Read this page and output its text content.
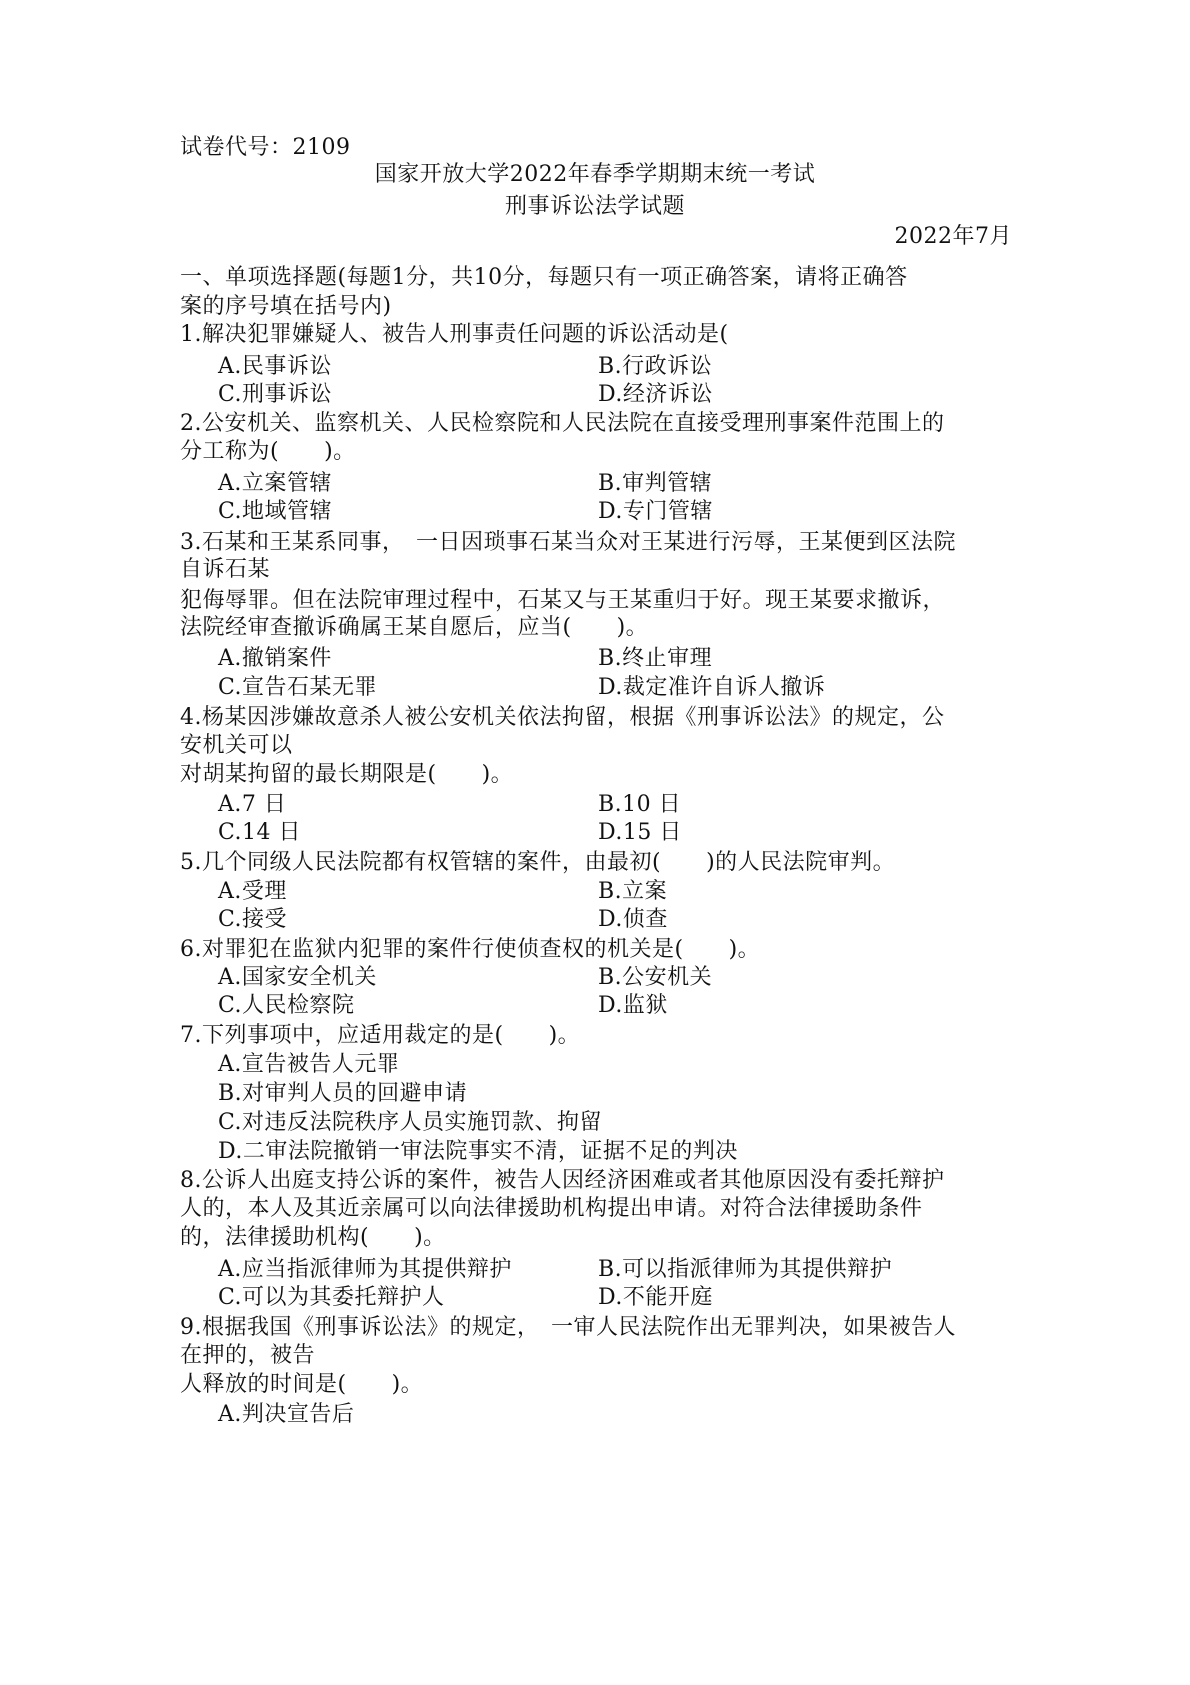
试卷代号：2109
国家开放大学2022年春季学期期末统一考试
刑事诉讼法学试题
2022年7月
一、单项选择题(每题1分，共10分，每题只有一项正确答案，请将正确答
案的序号填在括号内)
1.解决犯罪嫌疑人、被告人刑事责任问题的诉讼活动是(
A.民事诉讼	B.行政诉讼
C.刑事诉讼	D.经济诉讼
2.公安机关、监察机关、人民检察院和人民法院在直接受理刑事案件范围上的
分工称为(　　)。
A.立案管辖	B.审判管辖
C.地域管辖	D.专门管辖
3.石某和王某系同事，　一日因琐事石某当众对王某进行污辱，王某便到区法院
自诉石某
犯侮辱罪。但在法院审理过程中，石某又与王某重归于好。现王某要求撤诉，
法院经审查撤诉确属王某自愿后，应当(　　)。
A.撤销案件	B.终止审理
C.宣告石某无罪	D.裁定准许自诉人撤诉
4.杨某因涉嫌故意杀人被公安机关依法拘留，根据《刑事诉讼法》的规定，公
安机关可以
对胡某拘留的最长期限是(　　)。
A.7 日	B.10 日
C.14 日	D.15 日
5.几个同级人民法院都有权管辖的案件，由最初(　　)的人民法院审判。
A.受理	B.立案
C.接受	D.侦查
6.对罪犯在监狱内犯罪的案件行使侦查权的机关是(　　)。
A.国家安全机关	B.公安机关
C.人民检察院	D.监狱
7.下列事项中，应适用裁定的是(　　)。
A.宣告被告人元罪
B.对审判人员的回避申请
C.对违反法院秩序人员实施罚款、拘留
D.二审法院撤销一审法院事实不清，证据不足的判决
8.公诉人出庭支持公诉的案件，被告人因经济困难或者其他原因没有委托辩护
人的，本人及其近亲属可以向法律援助机构提出申请。对符合法律援助条件
的，法律援助机构(　　)。
A.应当指派律师为其提供辩护	B.可以指派律师为其提供辩护
C.可以为其委托辩护人	D.不能开庭
9.根据我国《刑事诉讼法》的规定，　一审人民法院作出无罪判决，如果被告人
在押的，被告
人释放的时间是(　　)。
A.判决宣告后
